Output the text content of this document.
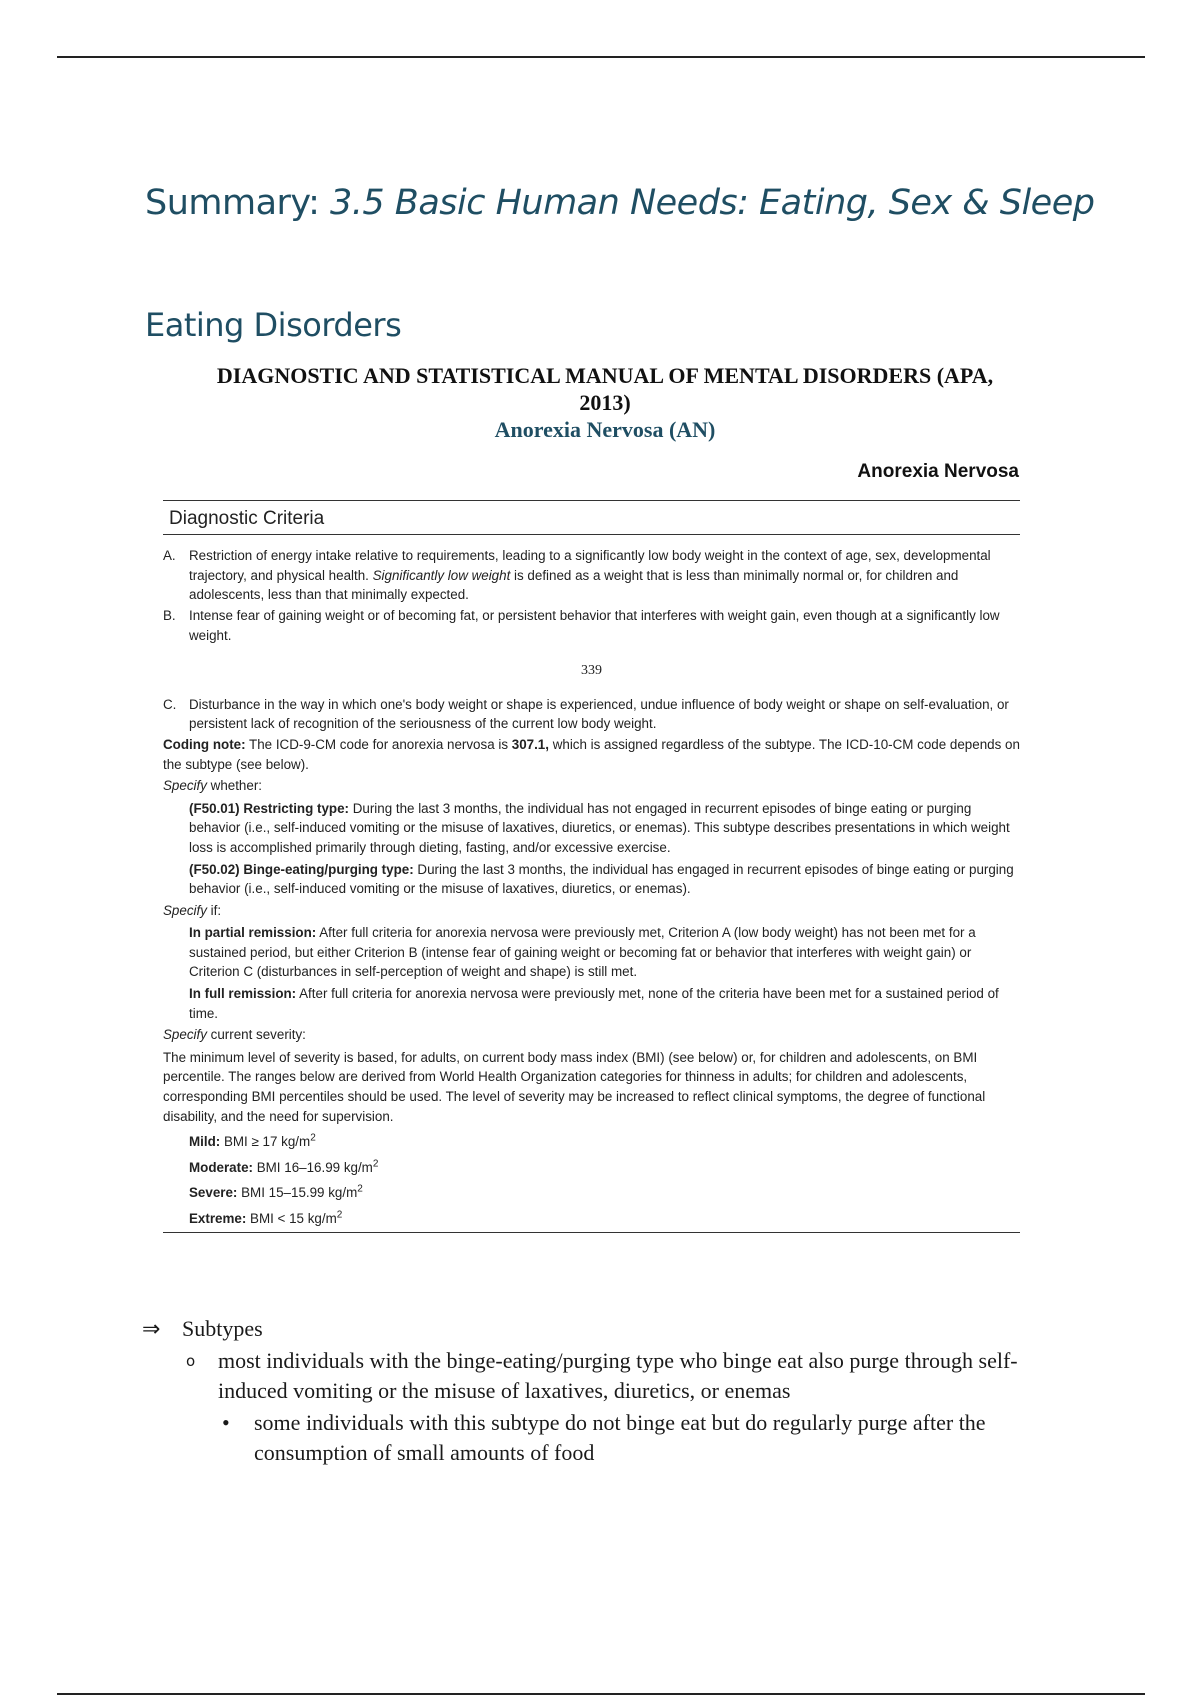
Summary: 3.5 Basic Human Needs: Eating, Sex & Sleep
Eating Disorders
DIAGNOSTIC AND STATISTICAL MANUAL OF MENTAL DISORDERS (APA,
2013)
Anorexia Nervosa (AN)
Anorexia Nervosa
Diagnostic Criteria
A. Restriction of energy intake relative to requirements, leading to a significantly low body weight in the context of age, sex, developmental trajectory, and physical health. Significantly low weight is defined as a weight that is less than minimally normal or, for children and adolescents, less than that minimally expected.
B. Intense fear of gaining weight or of becoming fat, or persistent behavior that interferes with weight gain, even though at a significantly low weight.
339
C. Disturbance in the way in which one's body weight or shape is experienced, undue influence of body weight or shape on self-evaluation, or persistent lack of recognition of the seriousness of the current low body weight.
Coding note: The ICD-9-CM code for anorexia nervosa is 307.1, which is assigned regardless of the subtype. The ICD-10-CM code depends on the subtype (see below).
Specify whether:
(F50.01) Restricting type: During the last 3 months, the individual has not engaged in recurrent episodes of binge eating or purging behavior (i.e., self-induced vomiting or the misuse of laxatives, diuretics, or enemas). This subtype describes presentations in which weight loss is accomplished primarily through dieting, fasting, and/or excessive exercise.
(F50.02) Binge-eating/purging type: During the last 3 months, the individual has engaged in recurrent episodes of binge eating or purging behavior (i.e., self-induced vomiting or the misuse of laxatives, diuretics, or enemas).
Specify if:
In partial remission: After full criteria for anorexia nervosa were previously met, Criterion A (low body weight) has not been met for a sustained period, but either Criterion B (intense fear of gaining weight or becoming fat or behavior that interferes with weight gain) or Criterion C (disturbances in self-perception of weight and shape) is still met.
In full remission: After full criteria for anorexia nervosa were previously met, none of the criteria have been met for a sustained period of time.
Specify current severity:
The minimum level of severity is based, for adults, on current body mass index (BMI) (see below) or, for children and adolescents, on BMI percentile. The ranges below are derived from World Health Organization categories for thinness in adults; for children and adolescents, corresponding BMI percentiles should be used. The level of severity may be increased to reflect clinical symptoms, the degree of functional disability, and the need for supervision.
Mild: BMI ≥ 17 $kg/m^2$
Moderate: BMI 16–16.99 $kg/m^2$
Severe: BMI 15–15.99 $kg/m^2$
Extreme: BMI < 15 $kg/m^2$
⇒ Subtypes
o most individuals with the binge-eating/purging type who binge eat also purge through self-induced vomiting or the misuse of laxatives, diuretics, or enemas
• some individuals with this subtype do not binge eat but do regularly purge after the consumption of small amounts of food
